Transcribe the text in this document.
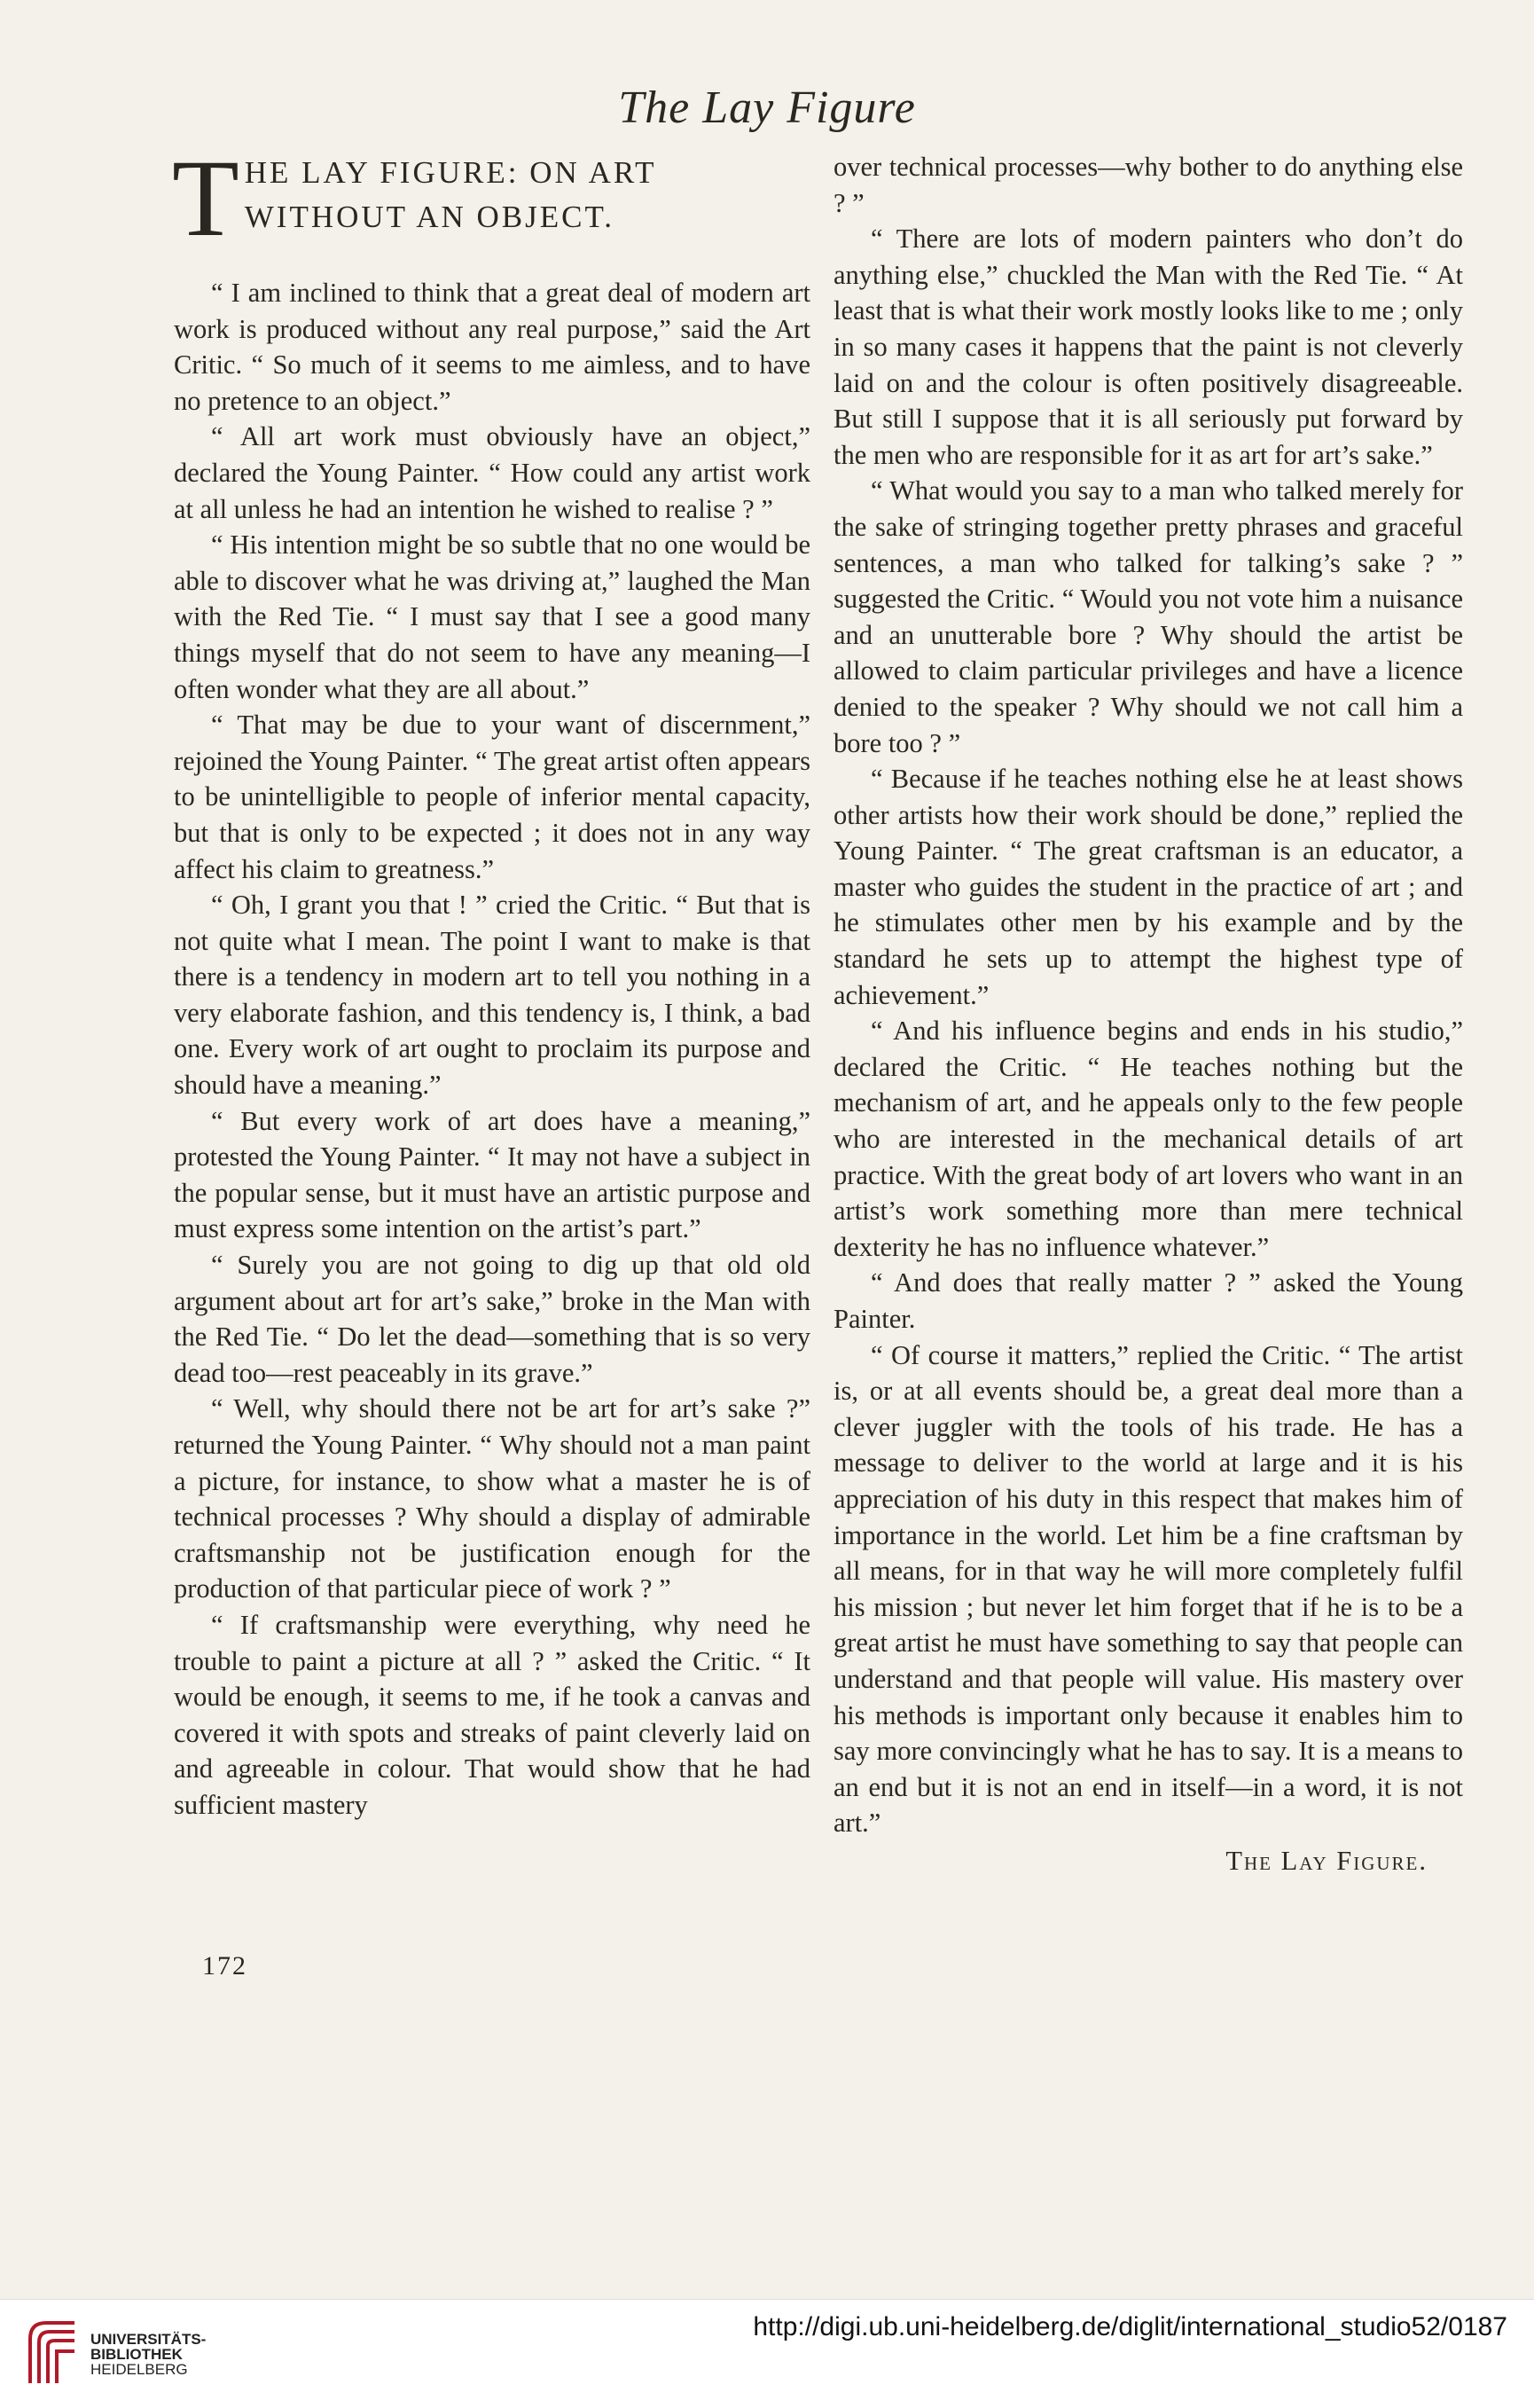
The Lay Figure
T HE LAY FIGURE: ON ART
WITHOUT AN OBJECT.

“ I am inclined to think that a great deal of modern art work is produced without any real purpose,” said the Art Critic. “ So much of it seems to me aimless, and to have no pretence to an object.”

“ All art work must obviously have an object,” declared the Young Painter. “ How could any artist work at all unless he had an intention he wished to realise ? ”

“ His intention might be so subtle that no one would be able to discover what he was driving at,” laughed the Man with the Red Tie. “ I must say that I see a good many things myself that do not seem to have any meaning—I often wonder what they are all about.”

“ That may be due to your want of discernment,” rejoined the Young Painter. “ The great artist often appears to be unintelligible to people of inferior mental capacity, but that is only to be expected ; it does not in any way affect his claim to greatness.”

“ Oh, I grant you that ! ” cried the Critic. “ But that is not quite what I mean. The point I want to make is that there is a tendency in modern art to tell you nothing in a very elaborate fashion, and this tendency is, I think, a bad one. Every work of art ought to proclaim its purpose and should have a meaning.”

“ But every work of art does have a meaning,” protested the Young Painter. “ It may not have a subject in the popular sense, but it must have an artistic purpose and must express some intention on the artist’s part.”

“ Surely you are not going to dig up that old old argument about art for art’s sake,” broke in the Man with the Red Tie. “ Do let the dead—something that is so very dead too—rest peaceably in its grave.”

“ Well, why should there not be art for art’s sake ?” returned the Young Painter. “ Why should not a man paint a picture, for instance, to show what a master he is of technical processes ? Why should a display of admirable craftsmanship not be justification enough for the production of that particular piece of work ? ”

“ If craftsmanship were everything, why need he trouble to paint a picture at all ? ” asked the Critic. “ It would be enough, it seems to me, if he took a canvas and covered it with spots and streaks of paint cleverly laid on and agreeable in colour. That would show that he had sufficient mastery

172

over technical processes—why bother to do anything else ? ”

“ There are lots of modern painters who don’t do anything else,” chuckled the Man with the Red Tie. “ At least that is what their work mostly looks like to me ; only in so many cases it happens that the paint is not cleverly laid on and the colour is often positively disagreeable. But still I suppose that it is all seriously put forward by the men who are responsible for it as art for art’s sake.”

“ What would you say to a man who talked merely for the sake of stringing together pretty phrases and graceful sentences, a man who talked for talking’s sake ? ” suggested the Critic. “ Would you not vote him a nuisance and an unutterable bore ? Why should the artist be allowed to claim particular privileges and have a licence denied to the speaker ? Why should we not call him a bore too ? ”

“ Because if he teaches nothing else he at least shows other artists how their work should be done,” replied the Young Painter. “ The great craftsman is an educator, a master who guides the student in the practice of art ; and he stimulates other men by his example and by the standard he sets up to attempt the highest type of achievement.”

“ And his influence begins and ends in his studio,” declared the Critic. “ He teaches nothing but the mechanism of art, and he appeals only to the few people who are interested in the mechanical details of art practice. With the great body of art lovers who want in an artist’s work something more than mere technical dexterity he has no influence whatever.”

“ And does that really matter ? ” asked the Young Painter.

“ Of course it matters,” replied the Critic. “ The artist is, or at all events should be, a great deal more than a clever juggler with the tools of his trade. He has a message to deliver to the world at large and it is his appreciation of his duty in this respect that makes him of importance in the world. Let him be a fine craftsman by all means, for in that way he will more completely fulfil his mission ; but never let him forget that if he is to be a great artist he must have something to say that people can understand and that people will value. His mastery over his methods is important only because it enables him to say more convincingly what he has to say. It is a means to an end but it is not an end in itself—in a word, it is not art.”

The Lay Figure.
UNIVERSITÄTS-
BIBLIOTHEK
HEIDELBERG
http://digi.ub.uni-heidelberg.de/diglit/international_studio52/0187
